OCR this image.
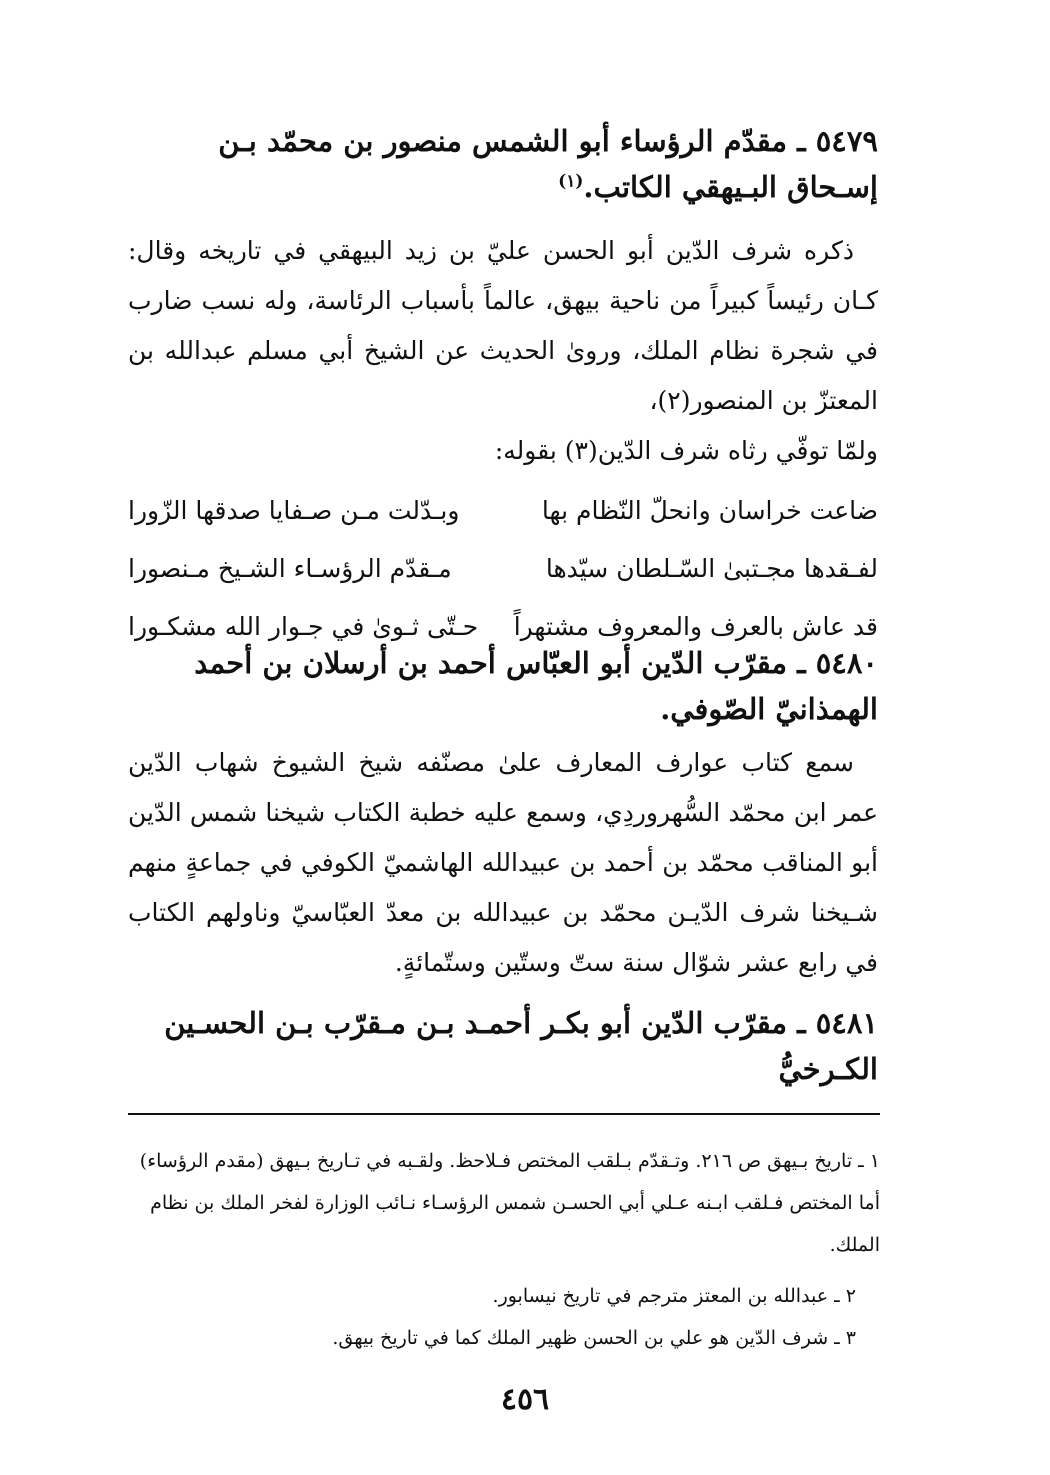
٥٤٧٩ ـ مقدّم الرؤساء أبو الشمس منصور بن محمّد بـن إسـحاق البـيهقي الكاتب.$^{(١)}$

ذكره شرف الدّين أبو الحسن عليّ بن زيد البيهقي في تاريخه وقال: كـان رئيساً كبيراً من ناحية بيهق، عالماً بأسباب الرئاسة، وله نسب ضارب في شجرة نظام الملك، وروىٰ الحديث عن الشيخ أبي مسلم عبدالله بن المعتزّ بن المنصور(٢)،

ولمّا توفّي رثاه شرف الدّين(٣) بقوله:

ضاعت خراسان وانحلّ النّظام بها
وبـدّلت مـن صـفايا صدقها الزّورا
لفـقدها مجـتبىٰ السّـلطان سيّدها
مـقدّم الرؤسـاء الشـيخ مـنصورا
قد عاش بالعرف والمعروف مشتهراً
حـتّى ثـوىٰ في جـوار الله مشكـورا
٥٤٨٠ ـ مقرّب الدّين أبو العبّاس أحمد بن أرسلان بن أحمد الهمذانيّ الصّوفي.

سمع كتاب عوارف المعارف علىٰ مصنّفه شيخ الشيوخ شهاب الدّين عمر ابن محمّد السُّهروردِي، وسمع عليه خطبة الكتاب شيخنا شمس الدّين أبو المناقب محمّد بن أحمد بن عبيدالله الهاشميّ الكوفي في جماعةٍ منهم شـيخنا شرف الدّيـن محمّد بن عبيدالله بن معدّ العبّاسيّ وناولهم الكتاب في رابع عشر شوّال سنة ستّ وستّين وستّمائةٍ.

٥٤٨١ ـ مقرّب الدّين أبو بكـر أحمـد بـن مـقرّب بـن الحسـين الكـرخيُّ
١ ـ تاريخ بـيهق ص ٢١٦. وتـقدّم بـلقب المختص فـلاحظ. ولقـبه في تـاريخ بـيهق (مقدم الرؤساء) أما المختص فـلقب ابـنه عـلي أبي الحسـن شمس الرؤسـاء نـائب الوزارة لفخر الملك بن نظام الملك.
٢ ـ عبدالله بن المعتز مترجم في تاريخ نيسابور.
٣ ـ شرف الدّين هو علي بن الحسن ظهير الملك كما في تاريخ بيهق.
٤٥٦
